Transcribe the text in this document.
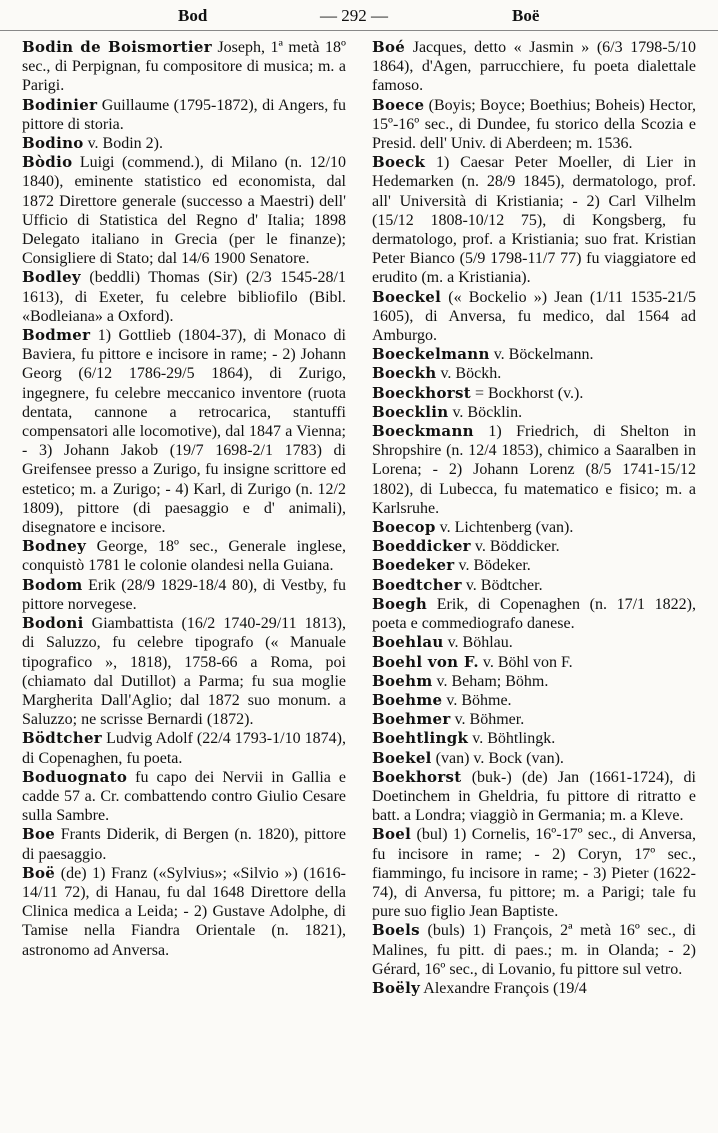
Bod	— 292 —	Boë

Bodin de Boismortier Joseph, 1ª metà 18º sec., di Perpignan, fu compositore di musica; m. a Parigi.

Bodinier Guillaume (1795-1872), di Angers, fu pittore di storia.

Bodino v. Bodin 2).

Bòdio Luigi (commend.), di Milano (n. 12/10 1840), eminente statistico ed economista, dal 1872 Direttore generale (successo a Maestri) dell' Ufficio di Statistica del Regno d' Italia; 1898 Delegato italiano in Grecia (per le finanze); Consigliere di Stato; dal 14/6 1900 Senatore.

Bodley (beddli) Thomas (Sir) (2/3 1545-28/1 1613), di Exeter, fu celebre bibliofilo (Bibl. «Bodleiana» a Oxford).

Bodmer 1) Gottlieb (1804-37), di Monaco di Baviera, fu pittore e incisore in rame; - 2) Johann Georg (6/12 1786-29/5 1864), di Zurigo, ingegnere, fu celebre meccanico inventore (ruota dentata, cannone a retrocarica, stantuffi compensatori alle locomotive), dal 1847 a Vienna; - 3) Johann Jakob (19/7 1698-2/1 1783) di Greifensee presso a Zurigo, fu insigne scrittore ed estetico; m. a Zurigo; - 4) Karl, di Zurigo (n. 12/2 1809), pittore (di paesaggio e d' animali), disegnatore e incisore.

Bodney George, 18º sec., Generale inglese, conquistò 1781 le colonie olandesi nella Guiana.

Bodom Erik (28/9 1829-18/4 80), di Vestby, fu pittore norvegese.

Bodoni Giambattista (16/2 1740-29/11 1813), di Saluzzo, fu celebre tipografo (« Manuale tipografico », 1818), 1758-66 a Roma, poi (chiamato dal Dutillot) a Parma; fu sua moglie Margherita Dall'Aglio; dal 1872 suo monum. a Saluzzo; ne scrisse Bernardi (1872).

Bödtcher Ludvig Adolf (22/4 1793-1/10 1874), di Copenaghen, fu poeta.

Boduognato fu capo dei Nervii in Gallia e cadde 57 a. Cr. combattendo contro Giulio Cesare sulla Sambre.

Boe Frants Diderik, di Bergen (n. 1820), pittore di paesaggio.

Boë (de) 1) Franz («Sylvius»; «Silvio ») (1616-14/11 72), di Hanau, fu dal 1648 Direttore della Clinica medica a Leida; - 2) Gustave Adolphe, di Tamise nella Fiandra Orientale (n. 1821), astronomo ad Anversa.

Boé Jacques, detto « Jasmin » (6/3 1798-5/10 1864), d'Agen, parrucchiere, fu poeta dialettale famoso.

Boece (Boyis; Boyce; Boethius; Boheis) Hector, 15º-16º sec., di Dundee, fu storico della Scozia e Presid. dell' Univ. di Aberdeen; m. 1536.

Boeck 1) Caesar Peter Moeller, di Lier in Hedemarken (n. 28/9 1845), dermatologo, prof. all' Università di Kristiania; - 2) Carl Vilhelm (15/12 1808-10/12 75), di Kongsberg, fu dermatologo, prof. a Kristiania; suo frat. Kristian Peter Bianco (5/9 1798-11/7 77) fu viaggiatore ed erudito (m. a Kristiania).

Boeckel (« Bockelio ») Jean (1/11 1535-21/5 1605), di Anversa, fu medico, dal 1564 ad Amburgo.

Boeckelmann v. Böckelmann.

Boeckh v. Böckh.

Boeckhorst = Bockhorst (v.).

Boecklin v. Böcklin.

Boeckmann 1) Friedrich, di Shelton in Shropshire (n. 12/4 1853), chimico a Saaralben in Lorena; - 2) Johann Lorenz (8/5 1741-15/12 1802), di Lubecca, fu matematico e fisico; m. a Karlsruhe.

Boecop v. Lichtenberg (van).

Boeddicker v. Böddicker.

Boedeker v. Bödeker.

Boedtcher v. Bödtcher.

Boegh Erik, di Copenaghen (n. 17/1 1822), poeta e commediografo danese.

Boehlau v. Böhlau.

Boehl von F. v. Böhl von F.

Boehm v. Beham; Böhm.

Boehme v. Böhme.

Boehmer v. Böhmer.

Boehtlingk v. Böhtlingk.

Boekel (van) v. Bock (van).

Boekhorst (buk-) (de) Jan (1661-1724), di Doetinchem in Gheldria, fu pittore di ritratto e batt. a Londra; viaggiò in Germania; m. a Kleve.

Boel (bul) 1) Cornelis, 16º-17º sec., di Anversa, fu incisore in rame; - 2) Coryn, 17º sec., fiammingo, fu incisore in rame; - 3) Pieter (1622-74), di Anversa, fu pittore; m. a Parigi; tale fu pure suo figlio Jean Baptiste.

Boels (buls) 1) François, 2ª metà 16º sec., di Malines, fu pitt. di paes.; m. in Olanda; - 2) Gérard, 16º sec., di Lovanio, fu pittore sul vetro.

Boëly Alexandre François (19/4
